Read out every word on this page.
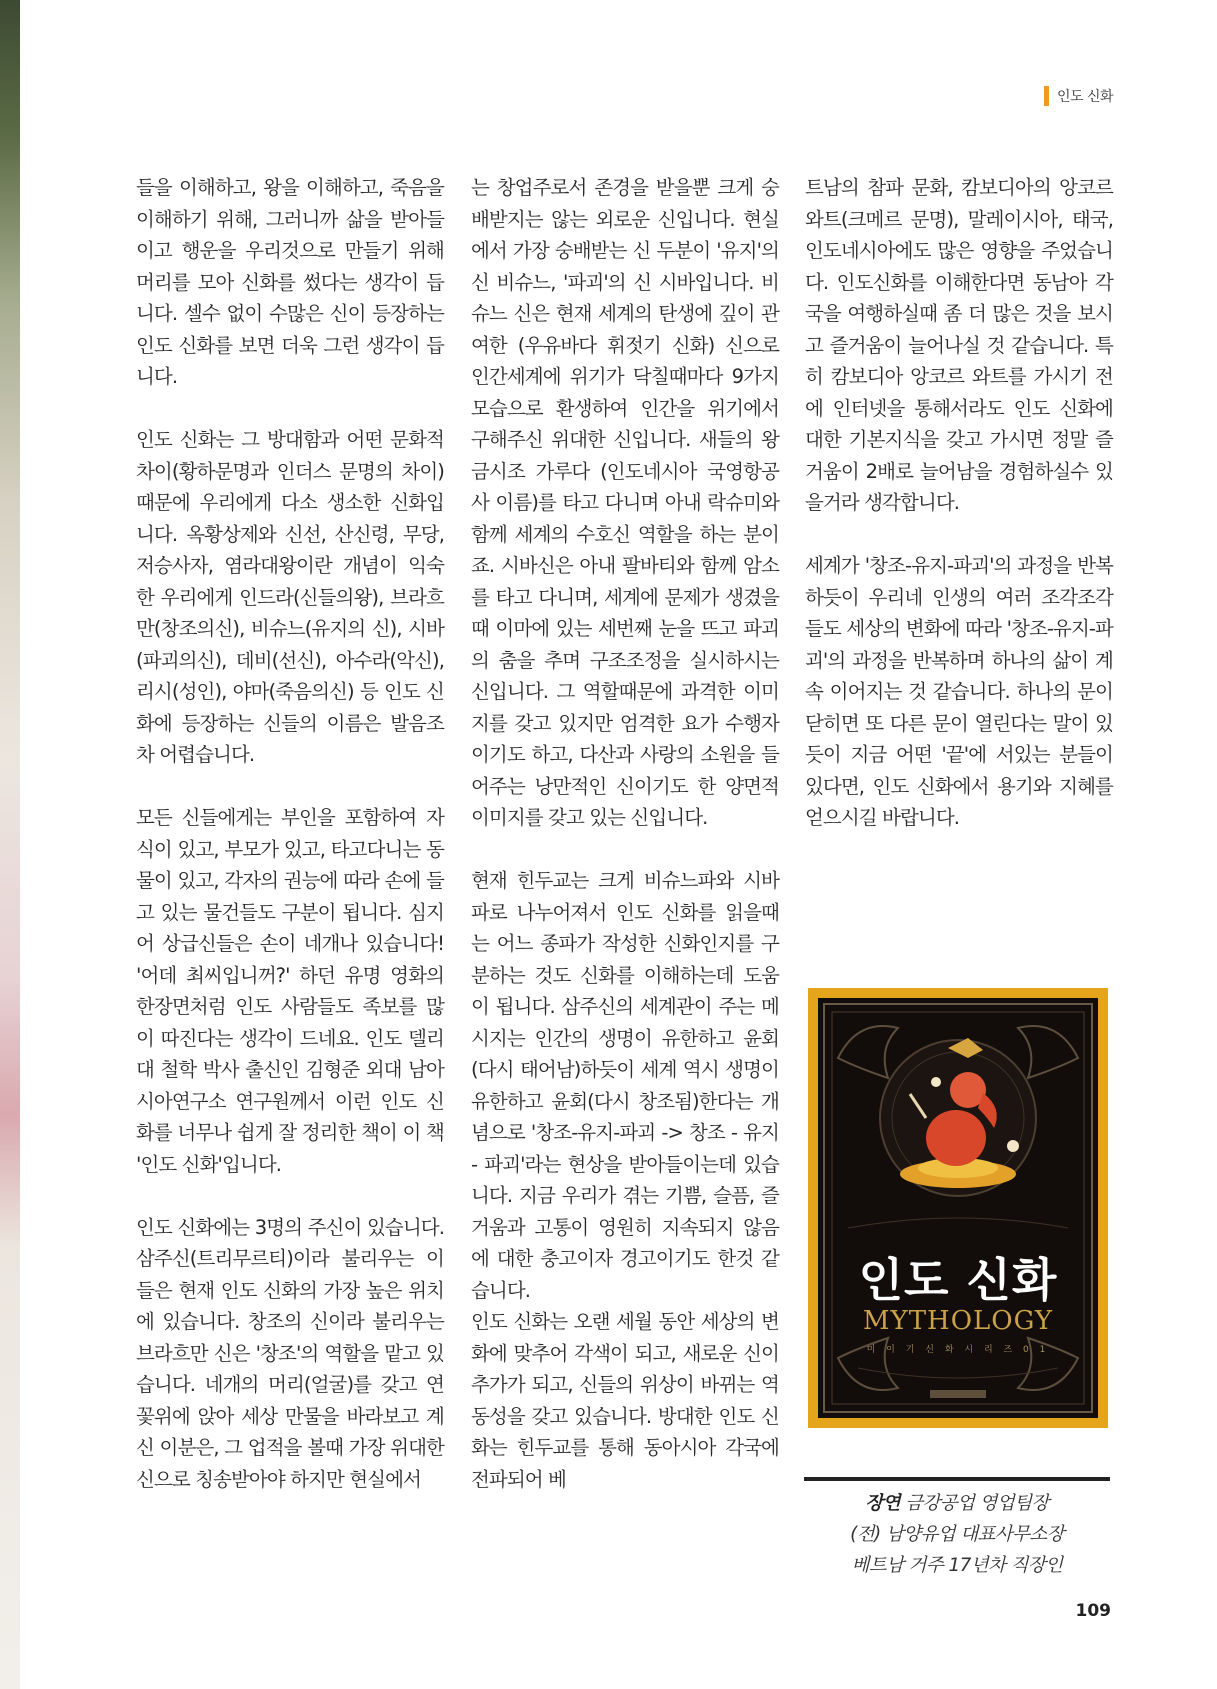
인도 신화

들을 이해하고, 왕을 이해하고, 죽음을 이해하기 위해, 그러니까 삶을 받아들이고 행운을 우리것으로 만들기 위해 머리를 모아 신화를 썼다는 생각이 듭니다. 셀수 없이 수많은 신이 등장하는 인도 신화를 보면 더욱 그런 생각이 듭니다.

인도 신화는 그 방대함과 어떤 문화적 차이(황하문명과 인더스 문명의 차이) 때문에 우리에게 다소 생소한 신화입니다. 옥황상제와 신선, 산신령, 무당, 저승사자, 염라대왕이란 개념이 익숙한 우리에게 인드라(신들의왕), 브라흐만(창조의신), 비슈느(유지의 신), 시바(파괴의신), 데비(선신), 아수라(악신), 리시(성인), 야마(죽음의신) 등 인도 신화에 등장하는 신들의 이름은 발음조차 어렵습니다.

모든 신들에게는 부인을 포함하여 자식이 있고, 부모가 있고, 타고다니는 동물이 있고, 각자의 권능에 따라 손에 들고 있는 물건들도 구분이 됩니다. 심지어 상급신들은 손이 네개나 있습니다! '어데 최씨입니꺼?' 하던 유명 영화의 한장면처럼 인도 사람들도 족보를 많이 따진다는 생각이 드네요. 인도 델리대 철학 박사 출신인 김형준 외대 남아시아연구소 연구원께서 이런 인도 신화를 너무나 쉽게 잘 정리한 책이 이 책 '인도 신화'입니다.

인도 신화에는 3명의 주신이 있습니다. 삼주신(트리무르티)이라 불리우는 이들은 현재 인도 신화의 가장 높은 위치에 있습니다. 창조의 신이라 불리우는 브라흐만 신은 '창조'의 역할을 맡고 있습니다. 네개의 머리(얼굴)를 갖고 연꽃위에 앉아 세상 만물을 바라보고 계신 이분은, 그 업적을 볼때 가장 위대한 신으로 칭송받아야 하지만 현실에서

는 창업주로서 존경을 받을뿐 크게 숭배받지는 않는 외로운 신입니다. 현실에서 가장 숭배받는 신 두분이 '유지'의 신 비슈느, '파괴'의 신 시바입니다. 비슈느 신은 현재 세계의 탄생에 깊이 관여한 (우유바다 휘젓기 신화) 신으로 인간세계에 위기가 닥칠때마다 9가지 모습으로 환생하여 인간을 위기에서 구해주신 위대한 신입니다. 새들의 왕 금시조 가루다 (인도네시아 국영항공사 이름)를 타고 다니며 아내 락슈미와 함께 세계의 수호신 역할을 하는 분이죠. 시바신은 아내 팔바티와 함께 암소를 타고 다니며, 세계에 문제가 생겼을때 이마에 있는 세번째 눈을 뜨고 파괴의 춤을 추며 구조조정을 실시하시는 신입니다. 그 역할때문에 과격한 이미지를 갖고 있지만 엄격한 요가 수행자이기도 하고, 다산과 사랑의 소원을 들어주는 낭만적인 신이기도 한 양면적 이미지를 갖고 있는 신입니다.

현재 힌두교는 크게 비슈느파와 시바파로 나누어져서 인도 신화를 읽을때는 어느 종파가 작성한 신화인지를 구분하는 것도 신화를 이해하는데 도움이 됩니다. 삼주신의 세계관이 주는 메시지는 인간의 생명이 유한하고 윤회(다시 태어남)하듯이 세계 역시 생명이 유한하고 윤회(다시 창조됨)한다는 개념으로 '창조-유지-파괴 -> 창조 - 유지 - 파괴'라는 현상을 받아들이는데 있습니다. 지금 우리가 겪는 기쁨, 슬픔, 즐거움과 고통이 영원히 지속되지 않음에 대한 충고이자 경고이기도 한것 같습니다.

인도 신화는 오랜 세월 동안 세상의 변화에 맞추어 각색이 되고, 새로운 신이 추가가 되고, 신들의 위상이 바뀌는 역동성을 갖고 있습니다. 방대한 인도 신화는 힌두교를 통해 동아시아 각국에 전파되어 베

트남의 참파 문화, 캄보디아의 앙코르 와트(크메르 문명), 말레이시아, 태국, 인도네시아에도 많은 영향을 주었습니다. 인도신화를 이해한다면 동남아 각국을 여행하실때 좀 더 많은 것을 보시고 즐거움이 늘어나실 것 같습니다. 특히 캄보디아 앙코르 와트를 가시기 전에 인터넷을 통해서라도 인도 신화에 대한 기본지식을 갖고 가시면 정말 즐거움이 2배로 늘어남을 경험하실수 있을거라 생각합니다.

세계가 '창조-유지-파괴'의 과정을 반복하듯이 우리네 인생의 여러 조각조각들도 세상의 변화에 따라 '창조-유지-파괴'의 과정을 반복하며 하나의 삶이 계속 이어지는 것 같습니다. 하나의 문이 닫히면 또 다른 문이 열린다는 말이 있듯이 지금 어떤 '끝'에 서있는 분들이 있다면, 인도 신화에서 용기와 지혜를 얻으시길 바랍니다.

인도 신화
MYTHOLOGY
미 이 기 신 화 시 리 즈 0 1
장연 금강공업 영업팀장
(전) 남양유업 대표사무소장
베트남 거주 17년차 직장인
109
